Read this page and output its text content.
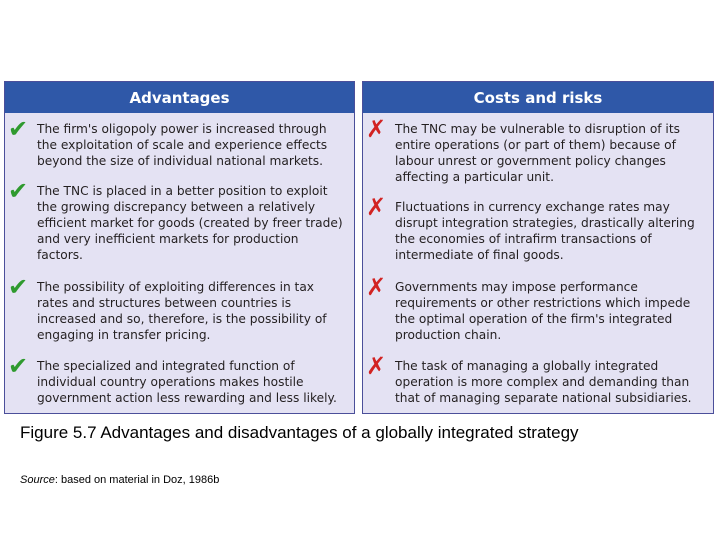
Advantages
✔ The firm's oligopoly power is increased through the exploitation of scale and experience effects beyond the size of individual national markets.
✔ The TNC is placed in a better position to exploit the growing discrepancy between a relatively efficient market for goods (created by freer trade) and very inefficient markets for production factors.
✔ The possibility of exploiting differences in tax rates and structures between countries is increased and so, therefore, is the possibility of engaging in transfer pricing.
✔ The specialized and integrated function of individual country operations makes hostile government action less rewarding and less likely.
Costs and risks
✗ The TNC may be vulnerable to disruption of its entire operations (or part of them) because of labour unrest or government policy changes affecting a particular unit.
✗ Fluctuations in currency exchange rates may disrupt integration strategies, drastically altering the economies of intrafirm transactions of intermediate of final goods.
✗ Governments may impose performance requirements or other restrictions which impede the optimal operation of the firm's integrated production chain.
✗ The task of managing a globally integrated operation is more complex and demanding than that of managing separate national subsidiaries.
Figure 5.7 Advantages and disadvantages of a globally integrated strategy
Source: based on material in Doz, 1986b
